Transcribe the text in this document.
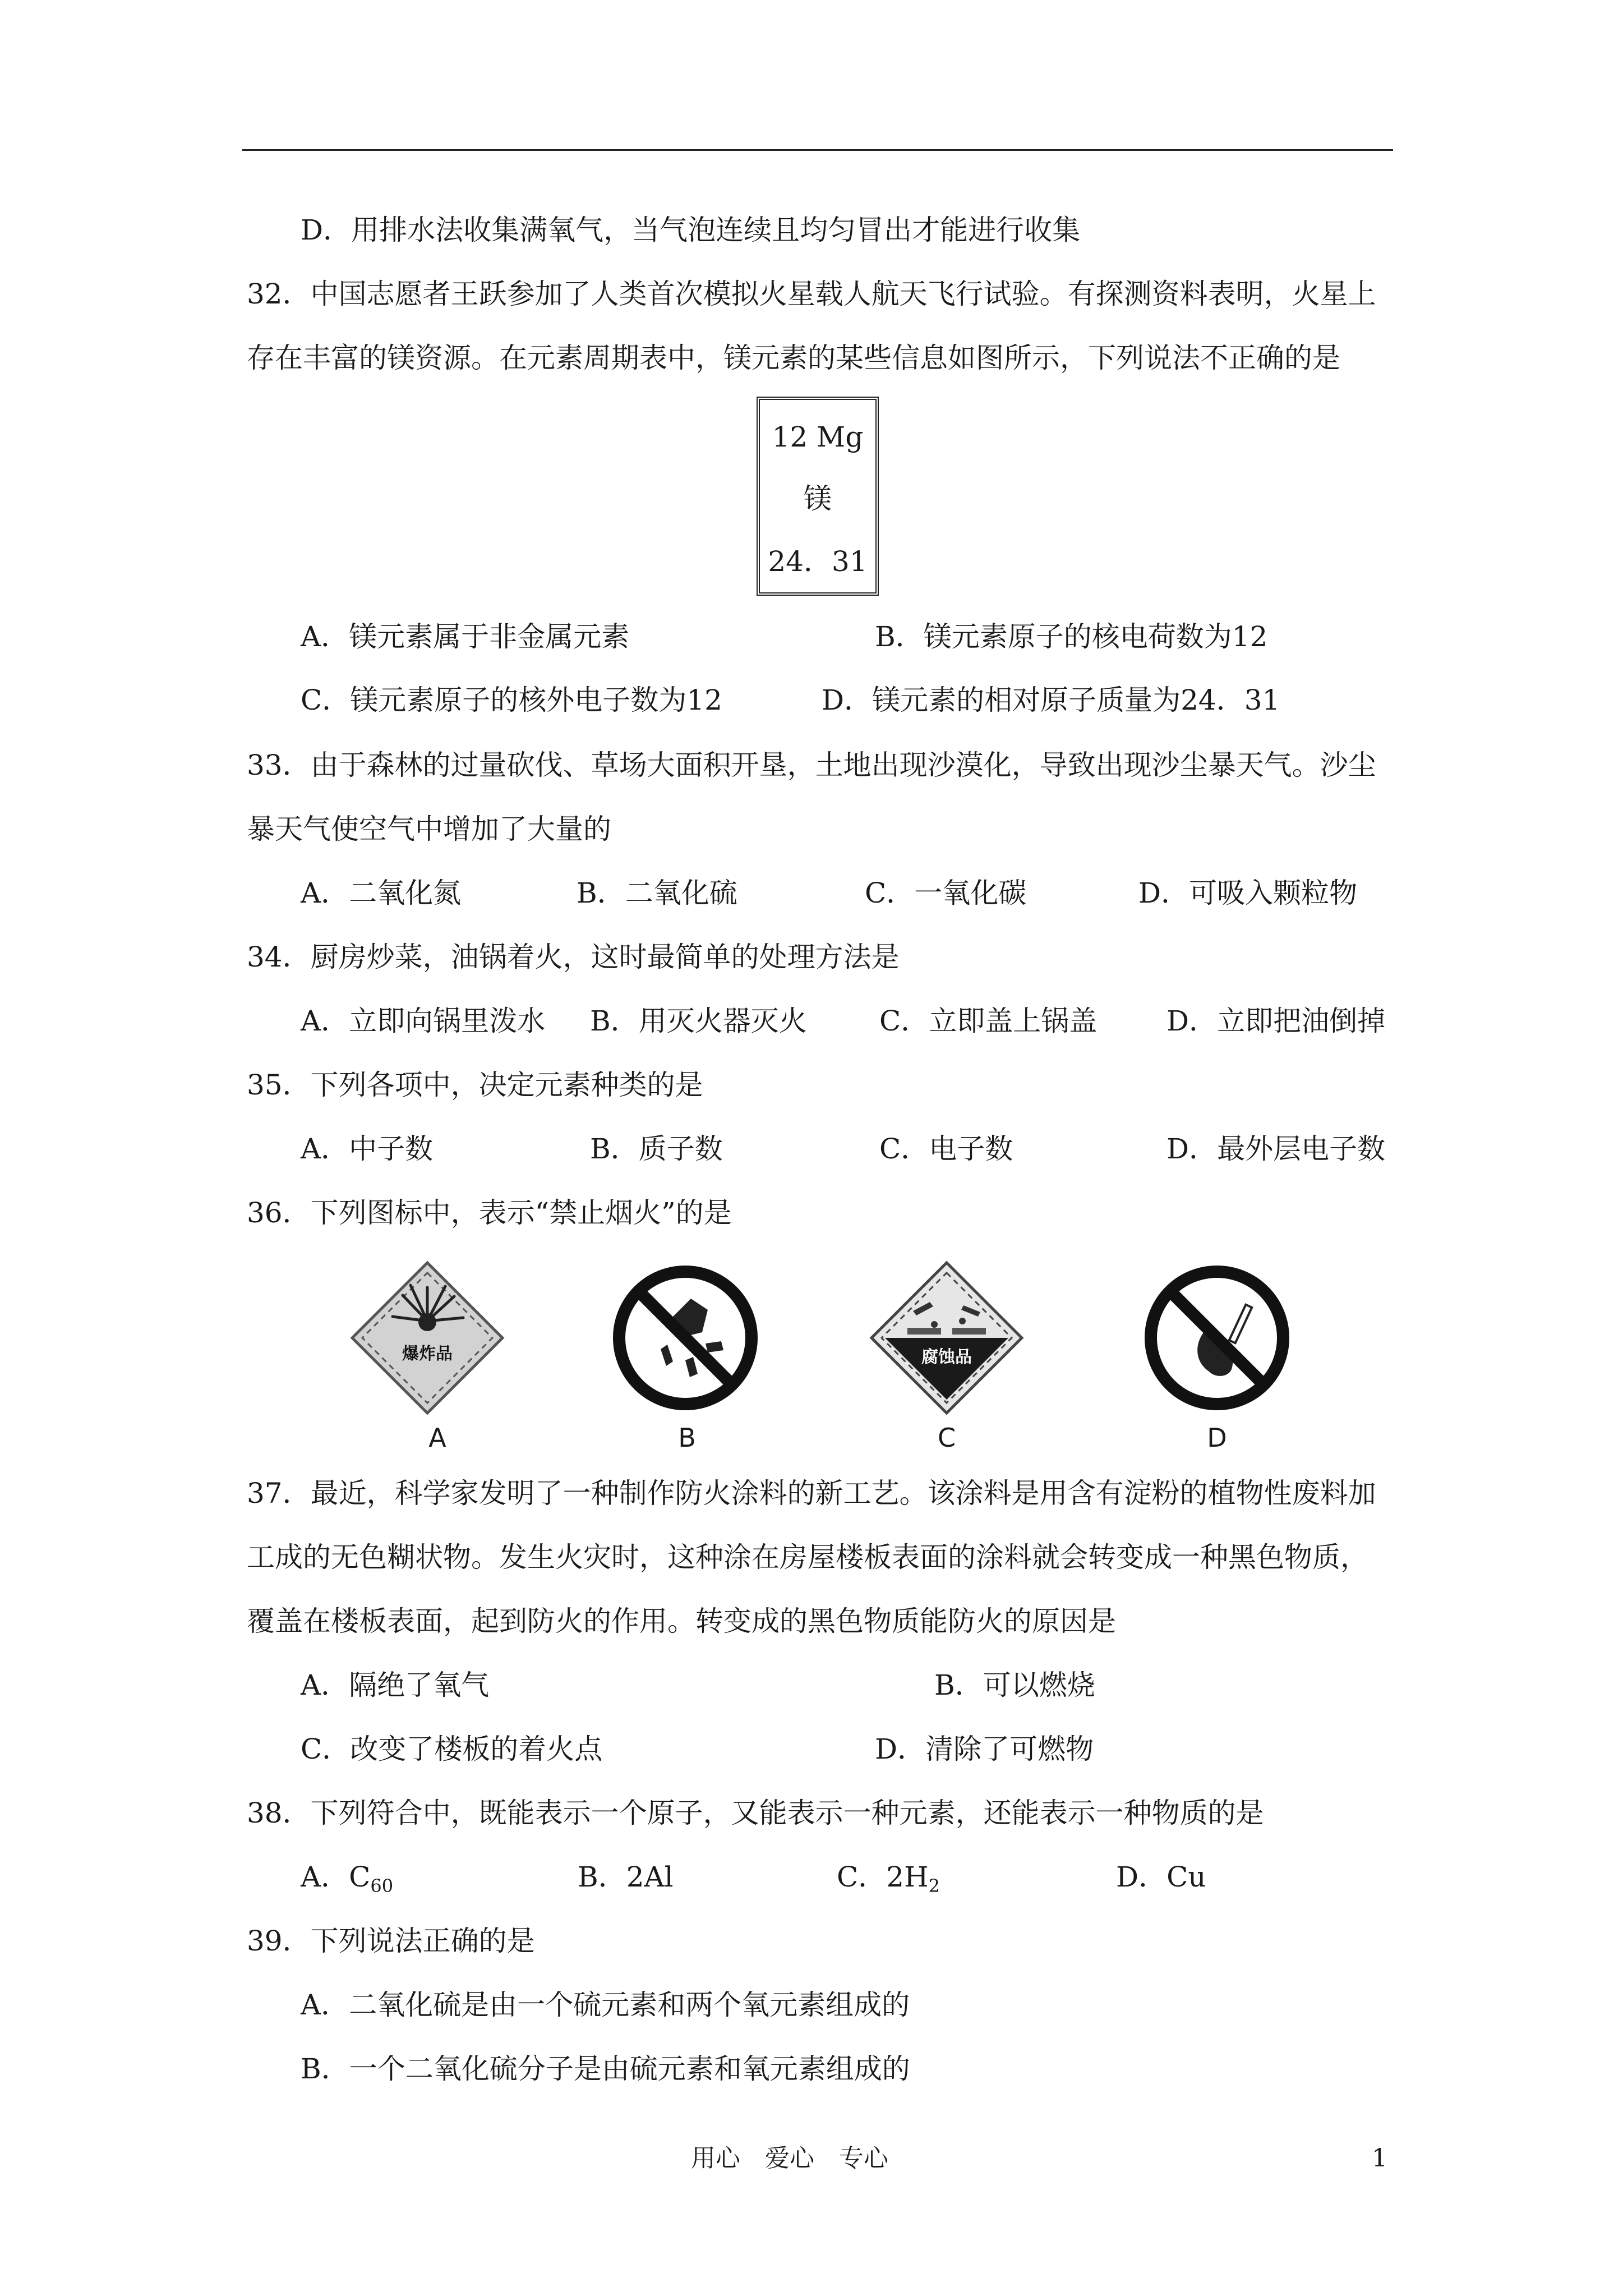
D．用排水法收集满氧气，当气泡连续且均匀冒出才能进行收集
32．中国志愿者王跃参加了人类首次模拟火星载人航天飞行试验。有探测资料表明，火星上
存在丰富的镁资源。在元素周期表中，镁元素的某些信息如图所示，下列说法不正确的是
12 Mg
镁
24．31
A．镁元素属于非金属元素	B．镁元素原子的核电荷数为12
C．镁元素原子的核外电子数为12	D．镁元素的相对原子质量为24．31
33．由于森林的过量砍伐、草场大面积开垦，土地出现沙漠化，导致出现沙尘暴天气。沙尘
暴天气使空气中增加了大量的
A．二氧化氮	B．二氧化硫	C．一氧化碳	D．可吸入颗粒物
34．厨房炒菜，油锅着火，这时最简单的处理方法是
A．立即向锅里泼水 B．用灭火器灭火	C．立即盖上锅盖 D．立即把油倒掉
35．下列各项中，决定元素种类的是
A．中子数	B．质子数	C．电子数	D．最外层电子数
36．下列图标中，表示“禁止烟火”的是
爆炸品	腐蚀品
A	B	C	D
37．最近，科学家发明了一种制作防火涂料的新工艺。该涂料是用含有淀粉的植物性废料加
工成的无色糊状物。发生火灾时，这种涂在房屋楼板表面的涂料就会转变成一种黑色物质，
覆盖在楼板表面，起到防火的作用。转变成的黑色物质能防火的原因是
A．隔绝了氧气	B．可以燃烧
C．改变了楼板的着火点	D．清除了可燃物
38．下列符合中，既能表示一个原子，又能表示一种元素，还能表示一种物质的是
A．$C_{60}$	B．2Al	C．$2H_2$	D．Cu
39．下列说法正确的是
A．二氧化硫是由一个硫元素和两个氧元素组成的
B．一个二氧化硫分子是由硫元素和氧元素组成的
用心　爱心　专心	1
